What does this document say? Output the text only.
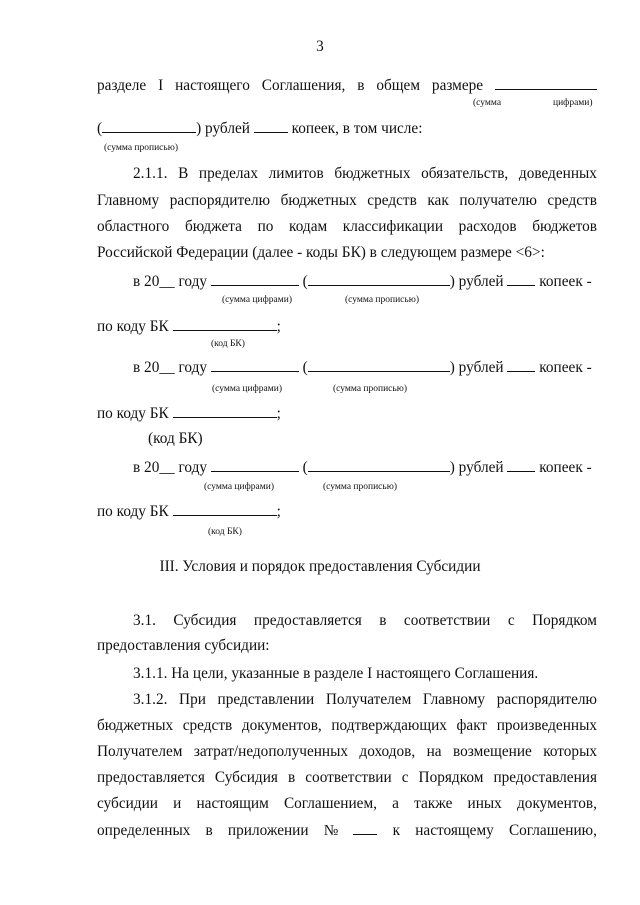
3
разделе I настоящего Соглашения, в общем размере
(сумма	цифрами)
(	) рублей	копеек, в том числе:
(сумма прописью)
2.1.1. В пределах лимитов бюджетных обязательств, доведенных
Главному распорядителю бюджетных средств как получателю средств
областного бюджета по кодам классификации расходов бюджетов
Российской Федерации (далее - коды БК) в следующем размере <6>:
в 20__ году	(	) рублей копеек -
(сумма цифрами)	(сумма прописью)
по коду БК	;
(код БК)
в 20__ году	(	) рублей копеек -
(сумма цифрами)	(сумма прописью)
по коду БК	;
(код БК)
в 20__ году	(	) рублей копеек -
(сумма цифрами)	(сумма прописью)
по коду БК	;
(код БК)
III. Условия и порядок предоставления Субсидии
3.1. Субсидия предоставляется в соответствии с Порядком
предоставления субсидии:
3.1.1. На цели, указанные в разделе I настоящего Соглашения.
3.1.2. При представлении Получателем Главному распорядителю
бюджетных средств документов, подтверждающих факт произведенных
Получателем затрат/недополученных доходов, на возмещение которых
предоставляется Субсидия в соответствии с Порядком предоставления
субсидии и настоящим Соглашением, а также иных документов,
определенных в приложении №	к настоящему Соглашению,
